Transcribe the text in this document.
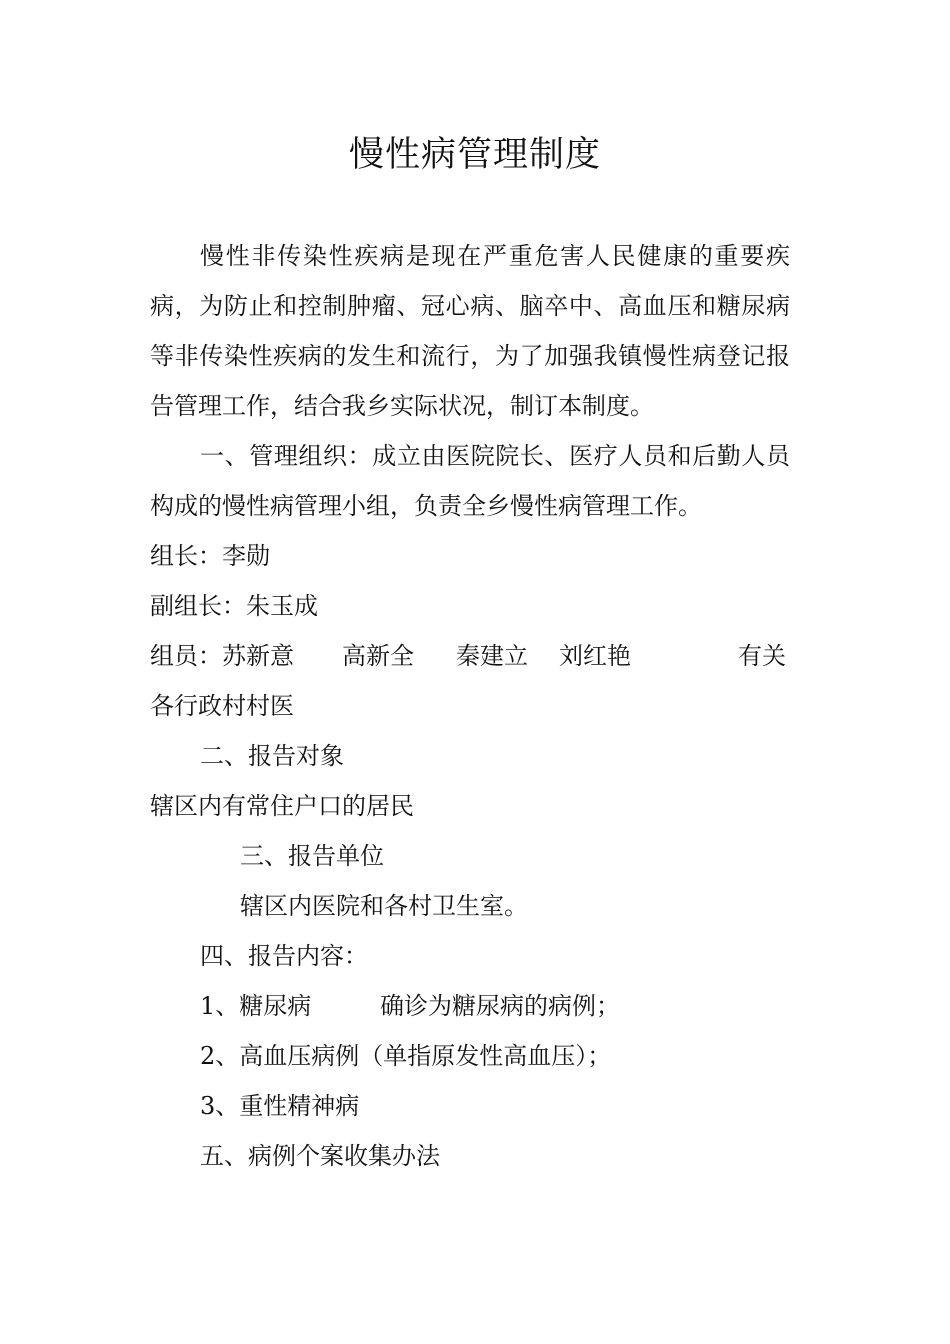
慢性病管理制度
慢性非传染性疾病是现在严重危害人民健康的重要疾病，为防止和控制肿瘤、冠心病、脑卒中、高血压和糖尿病等非传染性疾病的发生和流行，为了加强我镇慢性病登记报告管理工作，结合我乡实际状况，制订本制度。
一、管理组织：成立由医院院长、医疗人员和后勤人员构成的慢性病管理小组，负责全乡慢性病管理工作。
组长：李勋
副组长：朱玉成
组员：苏新意 高新全 秦建立 刘红艳	有关
各行政村村医
二、报告对象
辖区内有常住户口的居民
三、报告单位
辖区内医院和各村卫生室。
四、报告内容：
1、糖尿病	确诊为糖尿病的病例；
2、高血压病例（单指原发性高血压）；
3、重性精神病
五、病例个案收集办法
